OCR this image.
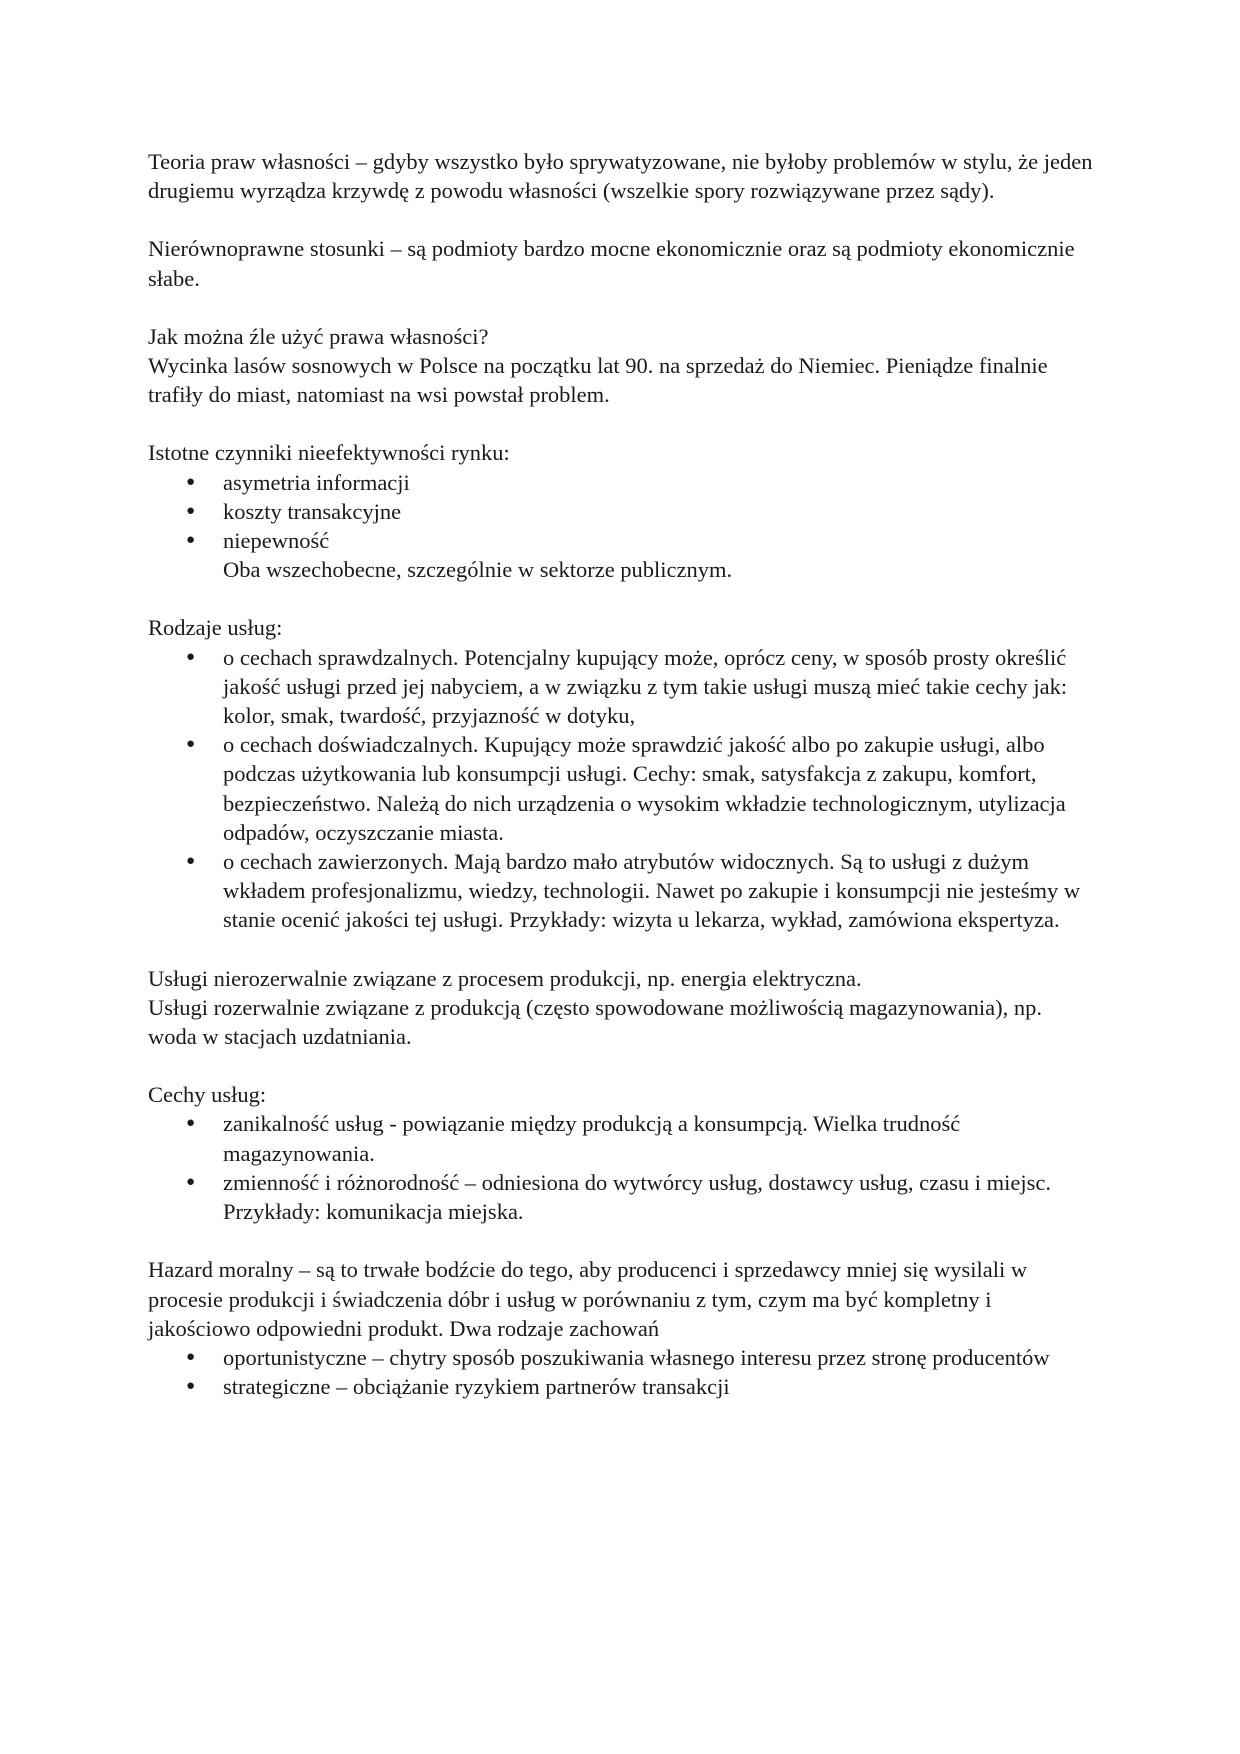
Teoria praw własności – gdyby wszystko było sprywatyzowane, nie byłoby problemów w stylu, że jeden drugiemu wyrządza krzywdę z powodu własności (wszelkie spory rozwiązywane przez sądy).

Nierównoprawne stosunki – są podmioty bardzo mocne ekonomicznie oraz są podmioty ekonomicznie słabe.

Jak można źle użyć prawa własności?

Wycinka lasów sosnowych w Polsce na początku lat 90. na sprzedaż do Niemiec. Pieniądze finalnie trafiły do miast, natomiast na wsi powstał problem.

Istotne czynniki nieefektywności rynku:

● asymetria informacji
● koszty transakcyjne
● niepewność

Oba wszechobecne, szczególnie w sektorze publicznym.

Rodzaje usług:

● o cechach sprawdzalnych. Potencjalny kupujący może, oprócz ceny, w sposób prosty określić jakość usługi przed jej nabyciem, a w związku z tym takie usługi muszą mieć takie cechy jak: kolor, smak, twardość, przyjazność w dotyku,
● o cechach doświadczalnych. Kupujący może sprawdzić jakość albo po zakupie usługi, albo podczas użytkowania lub konsumpcji usługi. Cechy: smak, satysfakcja z zakupu, komfort, bezpieczeństwo. Należą do nich urządzenia o wysokim wkładzie technologicznym, utylizacja odpadów, oczyszczanie miasta.
● o cechach zawierzonych. Mają bardzo mało atrybutów widocznych. Są to usługi z dużym wkładem profesjonalizmu, wiedzy, technologii. Nawet po zakupie i konsumpcji nie jesteśmy w stanie ocenić jakości tej usługi. Przykłady: wizyta u lekarza, wykład, zamówiona ekspertyza.

Usługi nierozerwalnie związane z procesem produkcji, np. energia elektryczna.

Usługi rozerwalnie związane z produkcją (często spowodowane możliwością magazynowania), np. woda w stacjach uzdatniania.

Cechy usług:

● zanikalność usług - powiązanie między produkcją a konsumpcją. Wielka trudność magazynowania.
● zmienność i różnorodność – odniesiona do wytwórcy usług, dostawcy usług, czasu i miejsc. Przykłady: komunikacja miejska.

Hazard moralny – są to trwałe bodźcie do tego, aby producenci i sprzedawcy mniej się wysilali w procesie produkcji i świadczenia dóbr i usług w porównaniu z tym, czym ma być kompletny i jakościowo odpowiedni produkt. Dwa rodzaje zachowań

● oportunistyczne – chytry sposób poszukiwania własnego interesu przez stronę producentów
● strategiczne – obciążanie ryzykiem partnerów transakcji
